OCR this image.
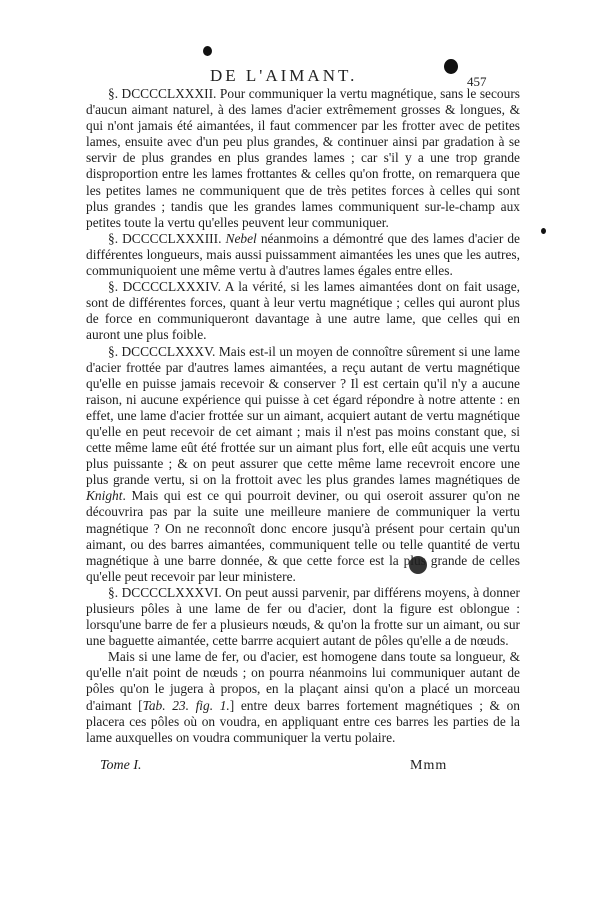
DE L'AIMANT.	457

§. DCCCCLXXXII. Pour communiquer la vertu magnétique, sans le secours d'aucun aimant naturel, à des lames d'acier extrêmement grosses & longues, & qui n'ont jamais été aimantées, il faut commencer par les frotter avec de petites lames, ensuite avec d'un peu plus grandes, & continuer ainsi par gradation à se servir de plus grandes en plus grandes lames ; car s'il y a une trop grande disproportion entre les lames frottantes & celles qu'on frotte, on remarquera que les petites lames ne communiquent que de très petites forces à celles qui sont plus grandes ; tandis que les grandes lames communiquent sur-le-champ aux petites toute la vertu qu'elles peuvent leur communiquer.

§. DCCCCLXXXIII. Nebel néanmoins a démontré que des lames d'acier de différentes longueurs, mais aussi puissamment aimantées les unes que les autres, communiquoient une même vertu à d'autres lames égales entre elles.

§. DCCCCLXXXIV. A la vérité, si les lames aimantées dont on fait usage, sont de différentes forces, quant à leur vertu magnétique ; celles qui auront plus de force en communiqueront davantage à une autre lame, que celles qui en auront une plus foible.

§. DCCCCLXXXV. Mais est-il un moyen de connoître sûrement si une lame d'acier frottée par d'autres lames aimantées, a reçu autant de vertu magnétique qu'elle en puisse jamais recevoir & conserver ? Il est certain qu'il n'y a aucune raison, ni aucune expérience qui puisse à cet égard répondre à notre attente : en effet, une lame d'acier frottée sur un aimant, acquiert autant de vertu magnétique qu'elle en peut recevoir de cet aimant ; mais il n'est pas moins constant que, si cette même lame eût été frottée sur un aimant plus fort, elle eût acquis une vertu plus puissante ; & on peut assurer que cette même lame recevroit encore une plus grande vertu, si on la frottoit avec les plus grandes lames magnétiques de Knight. Mais qui est ce qui pourroit deviner, ou qui oseroit assurer qu'on ne découvrira pas par la suite une meilleure maniere de communiquer la vertu magnétique ? On ne reconnoît donc encore jusqu'à présent pour certain qu'un aimant, ou des barres aimantées, communiquent telle ou telle quantité de vertu magnétique à une barre donnée, & que cette force est la plus grande de celles qu'elle peut recevoir par leur ministere.

§. DCCCCLXXXVI. On peut aussi parvenir, par différens moyens, à donner plusieurs pôles à une lame de fer ou d'acier, dont la figure est oblongue : lorsqu'une barre de fer a plusieurs nœuds, & qu'on la frotte sur un aimant, ou sur une baguette aimantée, cette barrre acquiert autant de pôles qu'elle a de nœuds.

Mais si une lame de fer, ou d'acier, est homogene dans toute sa longueur, & qu'elle n'ait point de nœuds ; on pourra néanmoins lui communiquer autant de pôles qu'on le jugera à propos, en la plaçant ainsi qu'on a placé un morceau d'aimant [Tab. 23. fig. 1.] entre deux barres fortement magnétiques ; & on placera ces pôles où on voudra, en appliquant entre ces barres les parties de la lame auxquelles on voudra communiquer la vertu polaire.

Tome I.	Mmm
